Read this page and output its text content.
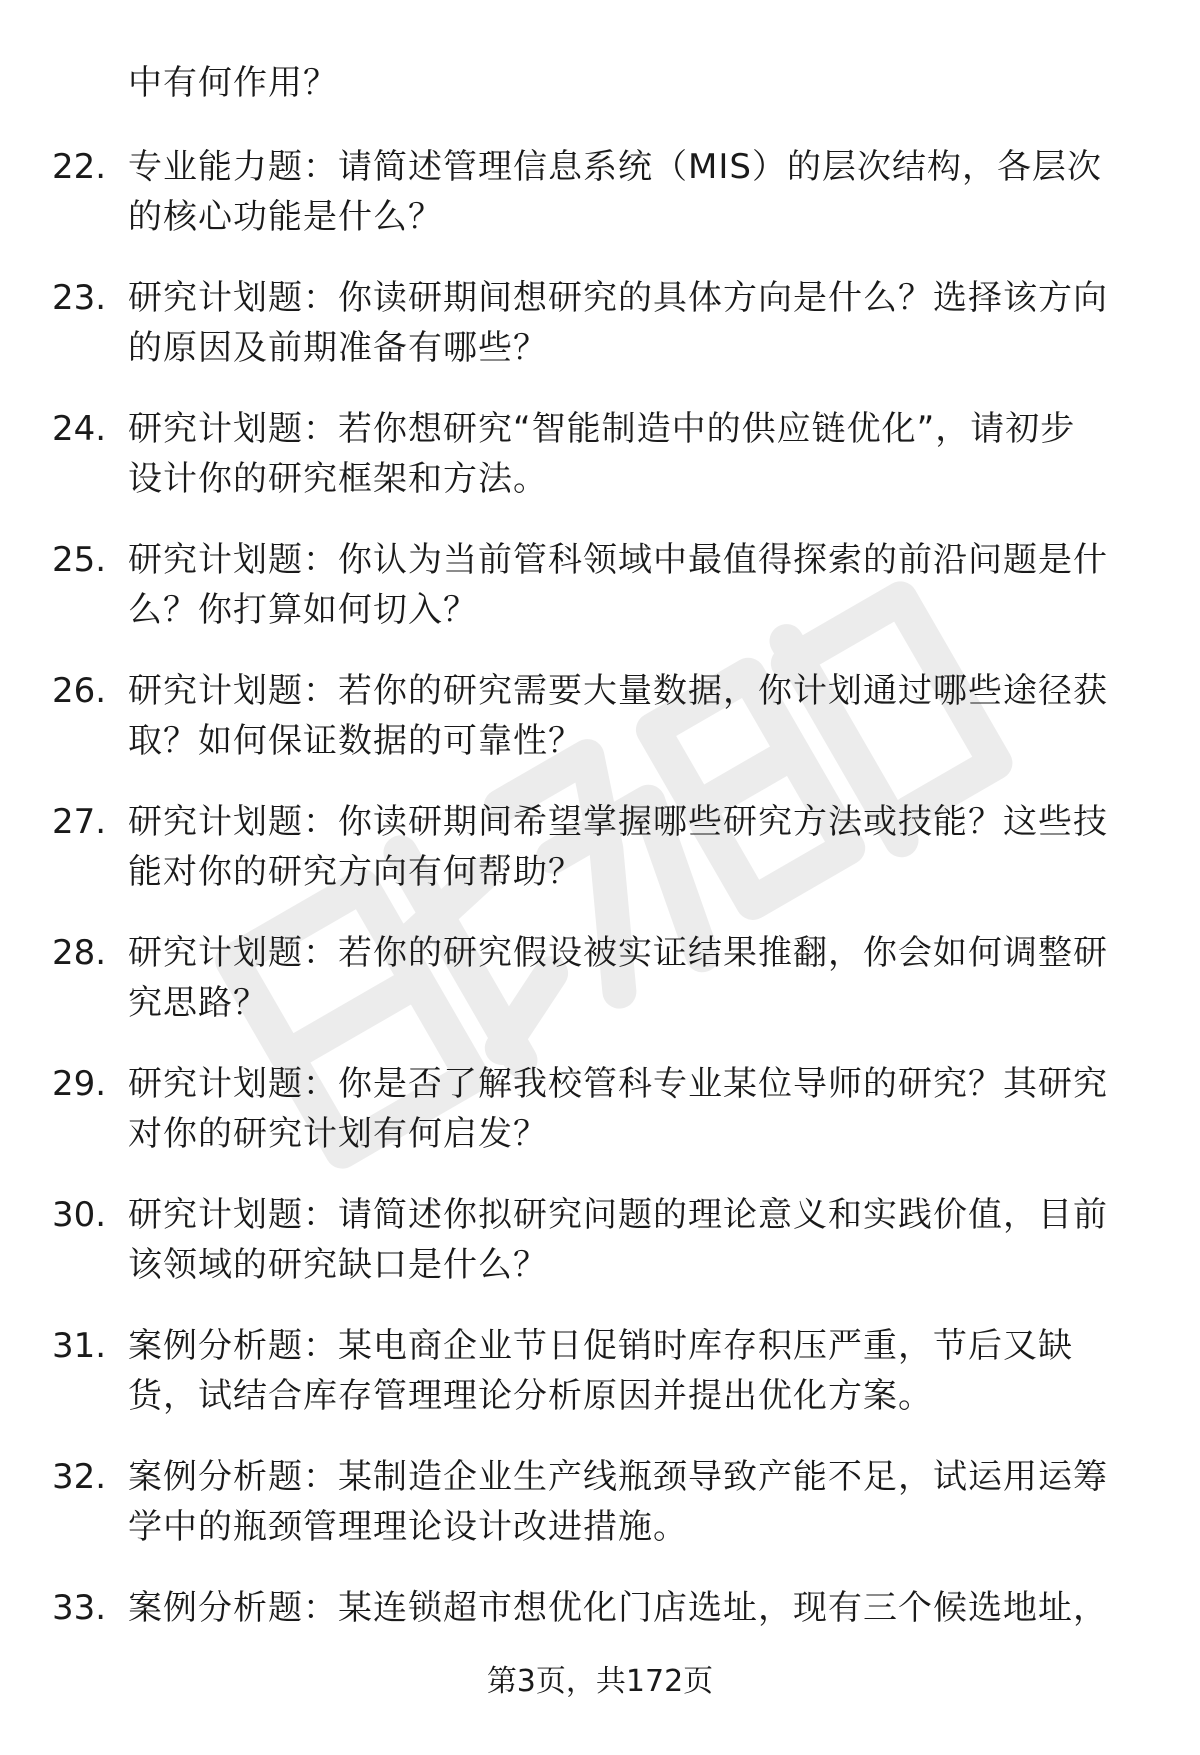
中有何作用？
22. 专业能力题：请简述管理信息系统（MIS）的层次结构，各层次
的核心功能是什么？
23. 研究计划题：你读研期间想研究的具体方向是什么？选择该方向
的原因及前期准备有哪些？
24. 研究计划题：若你想研究“智能制造中的供应链优化”，请初步
设计你的研究框架和方法。
25. 研究计划题：你认为当前管科领域中最值得探索的前沿问题是什
么？你打算如何切入？
26. 研究计划题：若你的研究需要大量数据，你计划通过哪些途径获
取？如何保证数据的可靠性？
27. 研究计划题：你读研期间希望掌握哪些研究方法或技能？这些技
能对你的研究方向有何帮助？
28. 研究计划题：若你的研究假设被实证结果推翻，你会如何调整研
究思路？
29. 研究计划题：你是否了解我校管科专业某位导师的研究？其研究
对你的研究计划有何启发？
30. 研究计划题：请简述你拟研究问题的理论意义和实践价值，目前
该领域的研究缺口是什么？
31. 案例分析题：某电商企业节日促销时库存积压严重，节后又缺
货，试结合库存管理理论分析原因并提出优化方案。
32. 案例分析题：某制造企业生产线瓶颈导致产能不足，试运用运筹
学中的瓶颈管理理论设计改进措施。
33. 案例分析题：某连锁超市想优化门店选址，现有三个候选地址，
第3页，共172页
